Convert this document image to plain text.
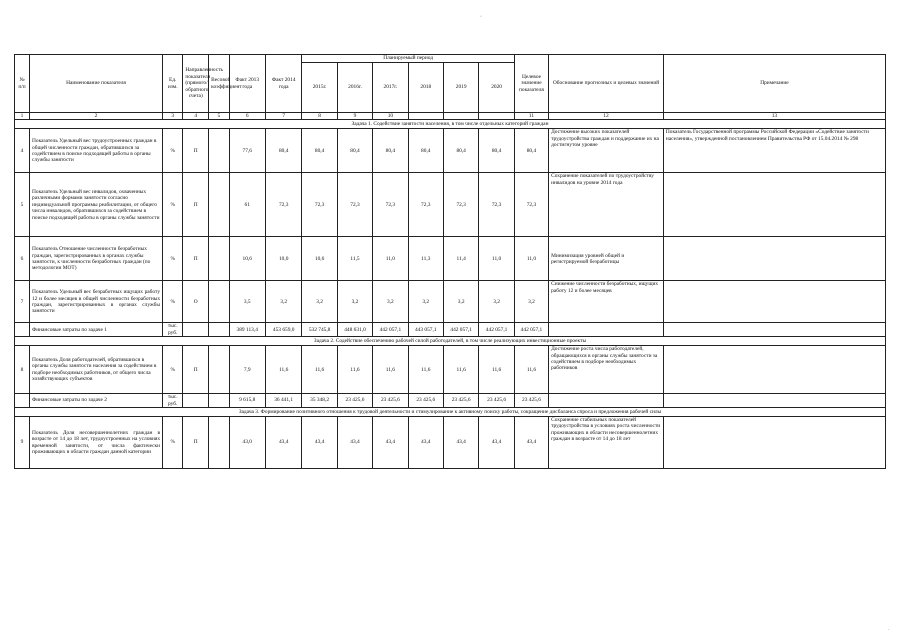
·
№ п/п	Наименование показателя	Ед. изм.	Направленность показателя (прямого/ обратного счета)	Весовой коэффициент	Факт 2013 года	Факт 2014 года	Планируемый период						Целевое значение показателя	Обоснование прогнозных и целевых значений	Примечание
							2015г.	2016г.	2017г.	2018	2019	2020			
1	2	3	4	5	6	7	8	9	10				11	12	13
Задача 1. Содействие занятости населения, в том числе отдельных категорий граждан															
4	Показатель Удельный вес трудоустроенных граждан в общей численности граждан, обратившихся за содействием в поиске подходящей работы в органы службы занятости	%	П		77,6	80,4	80,4	80,4	80,4	80,4	80,4	80,4	80,4	Достижение высоких показателей трудоустройства граждан и поддержание их на достигнутом уровне	Показатель Государственной программы Российской Федерации «Содействие занятости населения», утвержденной постановлением Правительства РФ от 15.04.2014 № 298
5	Показатель Удельный вес инвалидов, охваченных различными формами занятости согласно индивидуальной программы реабилитации, от общего числа инвалидов, обратившихся за содействием в поиске подходящей работы в органы службы занятости	%	П		61	72,3	72,3	72,3	72,3	72,3	72,3	72,3	72,3	Сохранение показателей по трудоустройству инвалидов на уровне 2014 года	
6	Показатель Отношение численности безработных граждан, зарегистрированных в органах службы занятости, к численности безработных граждан (по методологии МОТ)	%	П		10,6	10,0	10,6	11,5	11,0	11,3	11,4	11,0	11,0	Минимизация уровней общей и регистрируемой безработицы	
7	Показатель Удельный вес безработных ищущих работу 12 и более месяцев в общей численности безработных граждан, зарегистрированных в органах службы занятости	%	О		3,5	3,2	3,2	3,2	3,2	3,2	3,2	3,2	3,2	Снижение численности безработных, ищущих работу 12 и более месяцев	
	Финансовые затраты по задаче 1	тыс. руб.			389 113,4	453 659,0	532 745,8	448 631,0	442 057,1	443 057,1	442 057,1	442 057,1	442 057,1		
Задача 2. Содействие обеспечению рабочей силой работодателей, в том числе реализующих инвестиционные проекты															
8	Показатель Доля работодателей, обратившихся в органы службы занятости населения за содействием в подборе необходимых работников, от общего числа хозяйствующих субъектов	%	П		7,9	11,6	11,6	11,6	11,6	11,6	11,6	11,6	11,6	Достижение роста числа работодателей, обращающихся в органы службы занятости за содействием в подборе необходимых работников	
	Финансовые затраты по задаче 2	тыс. руб.			9 615,8	36 441,1	35 348,2	23 425,6	23 425,6	23 425,6	23 425,6	23 425,6	23 425,6		
Задача 3. Формирование позитивного отношения к трудовой деятельности и стимулирование к активному поиску работы, сокращение дисбаланса спроса и предложения рабочей силы															
9	Показатель Доля несовершеннолетних граждан в возрасте от 14 до 18 лет, трудоустроенных на условиях временной занятости, от числа фактически проживающих в области граждан данной категории	%	П		43,0	43,4	43,4	43,4	43,4	43,4	43,4	43,4	43,4	Сохранение стабильных показателей трудоустройства в условиях роста численности проживающих в области несовершеннолетних граждан в возрасте от 14 до 18 лет	
·
